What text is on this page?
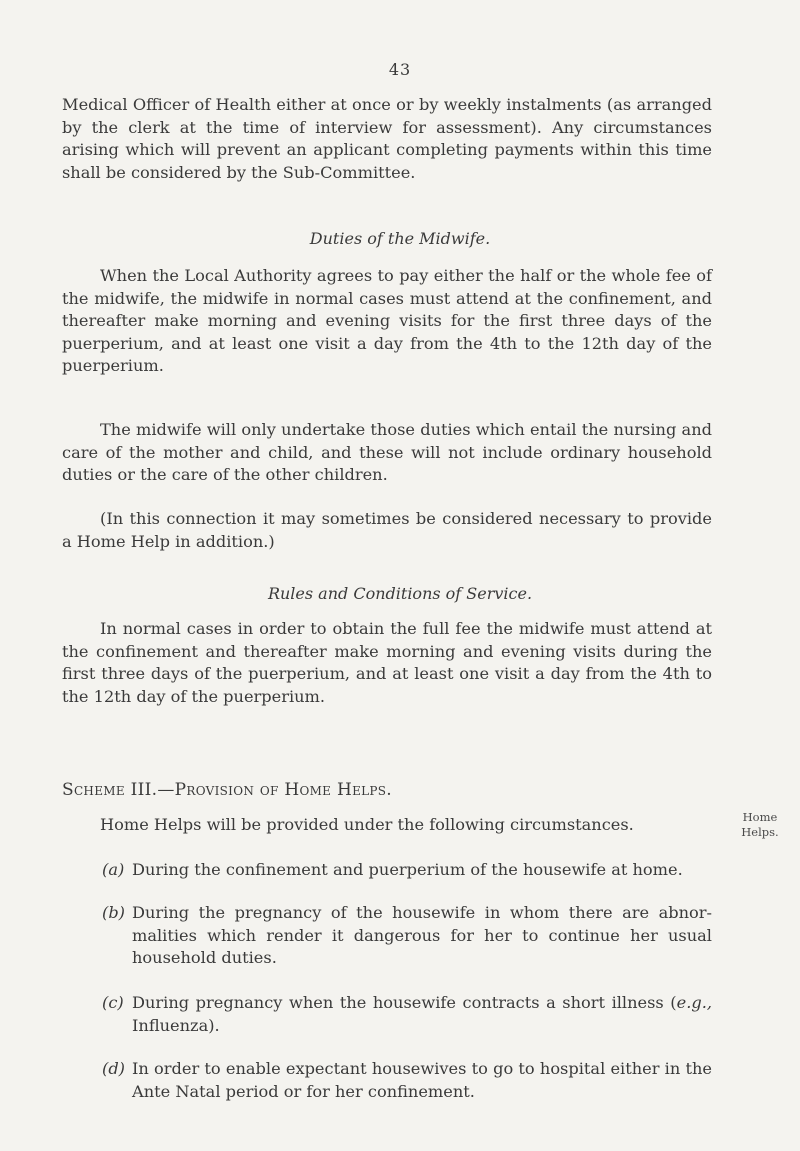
43
Medical Officer of Health either at once or by weekly instalments (as arranged by the clerk at the time of interview for assessment). Any circumstances arising which will prevent an applicant completing payments within this time shall be considered by the Sub-Committee.
Duties of the Midwife.
When the Local Authority agrees to pay either the half or the whole fee of the midwife, the midwife in normal cases must attend at the confinement, and thereafter make morning and evening visits for the first three days of the puerperium, and at least one visit a day from the 4th to the 12th day of the puerperium.
The midwife will only undertake those duties which entail the nursing and care of the mother and child, and these will not include ordinary household duties or the care of the other children.
(In this connection it may sometimes be considered necessary to provide a Home Help in addition.)
Rules and Conditions of Service.
In normal cases in order to obtain the full fee the midwife must attend at the confinement and thereafter make morning and evening visits during the first three days of the puerperium, and at least one visit a day from the 4th to the 12th day of the puerperium.
Scheme III.—Provision of Home Helps.
Home
Helps.
Home Helps will be provided under the following circumstances.
(a) During the confinement and puerperium of the housewife at home.
(b) During the pregnancy of the housewife in whom there are abnor-malities which render it dangerous for her to continue her usual household duties.
(c) During pregnancy when the housewife contracts a short illness (e.g., Influenza).
(d) In order to enable expectant housewives to go to hospital either in the Ante Natal period or for her confinement.
